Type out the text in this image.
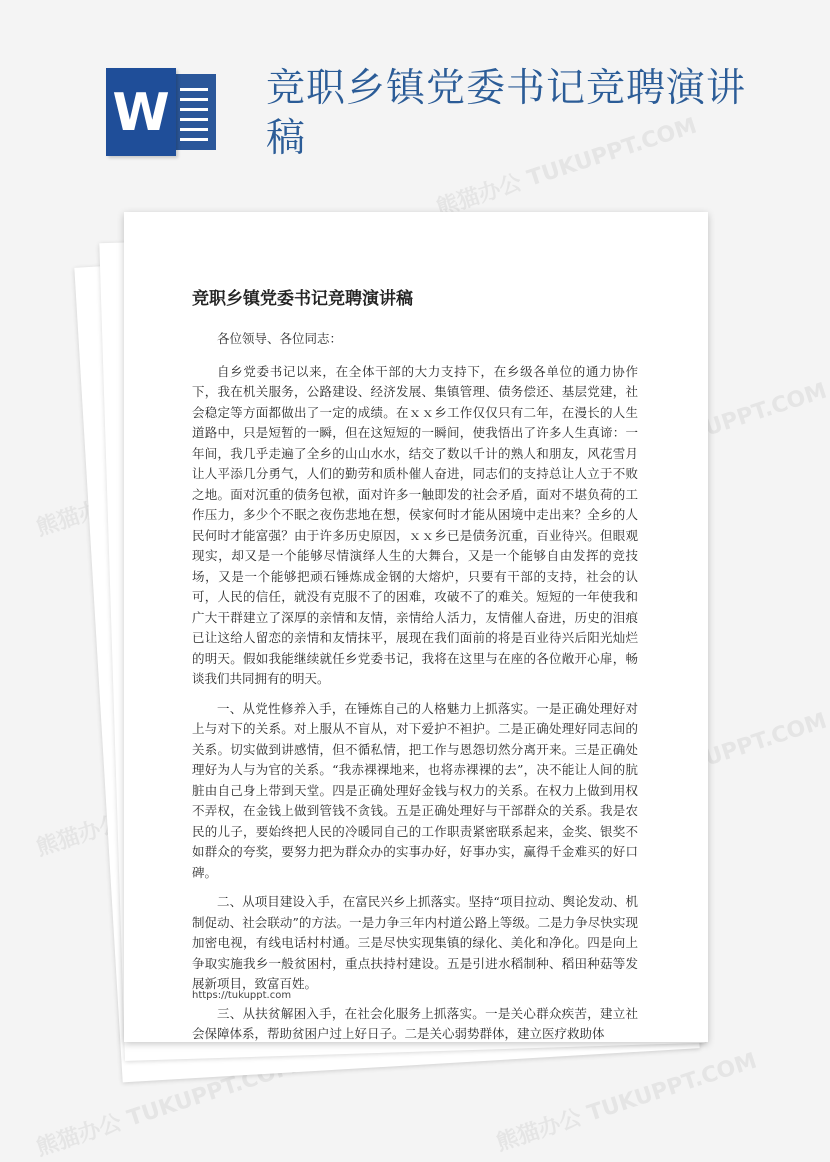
W 竞职乡镇党委书记竞聘演讲稿	熊猫办公 TUKUPPT.COM
TUKUPPT.COM
熊猫办公
TUKUPPT.COM
熊猫办公
熊猫办公 TUKUPPT.COM
熊猫办公 TUKUPPT.COM
竞职乡镇党委书记竞聘演讲稿

各位领导、各位同志：

自乡党委书记以来，在全体干部的大力支持下，在乡级各单位的通力协作下，我在机关服务，公路建设、经济发展、集镇管理、债务偿还、基层党建，社会稳定等方面都做出了一定的成绩。在ｘｘ乡工作仅仅只有二年，在漫长的人生道路中，只是短暂的一瞬，但在这短短的一瞬间，使我悟出了许多人生真谛：一年间，我几乎走遍了全乡的山山水水，结交了数以千计的熟人和朋友，风花雪月让人平添几分勇气，人们的勤劳和质朴催人奋进，同志们的支持总让人立于不败之地。面对沉重的债务包袱，面对许多一触即发的社会矛盾，面对不堪负荷的工作压力，多少个不眠之夜伤悲地在想，侯家何时才能从困境中走出来？全乡的人民何时才能富强？由于许多历史原因，ｘｘ乡已是债务沉重，百业待兴。但眼观现实，却又是一个能够尽情演绎人生的大舞台，又是一个能够自由发挥的竞技场，又是一个能够把顽石锤炼成金钢的大熔炉，只要有干部的支持，社会的认可，人民的信任，就没有克服不了的困难，攻破不了的难关。短短的一年使我和广大干群建立了深厚的亲情和友情，亲情给人活力，友情催人奋进，历史的泪痕已让这给人留恋的亲情和友情抹平，展现在我们面前的将是百业待兴后阳光灿烂的明天。假如我能继续就任乡党委书记，我将在这里与在座的各位敞开心扉，畅谈我们共同拥有的明天。

一、从党性修养入手，在锤炼自己的人格魅力上抓落实。一是正确处理好对上与对下的关系。对上服从不盲从，对下爱护不袒护。二是正确处理好同志间的关系。切实做到讲感情，但不循私情，把工作与恩怨切然分离开来。三是正确处理好为人与为官的关系。“我赤裸裸地来，也将赤裸裸的去”，决不能让人间的肮脏由自己身上带到天堂。四是正确处理好金钱与权力的关系。在权力上做到用权不弄权，在金钱上做到管钱不贪钱。五是正确处理好与干部群众的关系。我是农民的儿子，要始终把人民的冷暖同自己的工作职责紧密联系起来，金奖、银奖不如群众的夸奖，要努力把为群众办的实事办好，好事办实，赢得千金难买的好口碑。

二、从项目建设入手，在富民兴乡上抓落实。坚持“项目拉动、舆论发动、机制促动、社会联动”的方法。一是力争三年内村道公路上等级。二是力争尽快实现加密电视，有线电话村村通。三是尽快实现集镇的绿化、美化和净化。四是向上争取实施我乡一般贫困村，重点扶持村建设。五是引进水稻制种、稻田种菇等发展新项目，致富百姓。

三、从扶贫解困入手，在社会化服务上抓落实。一是关心群众疾苦，建立社会保障体系，帮助贫困户过上好日子。二是关心弱势群体，建立医疗救助体

https://tukuppt.com
